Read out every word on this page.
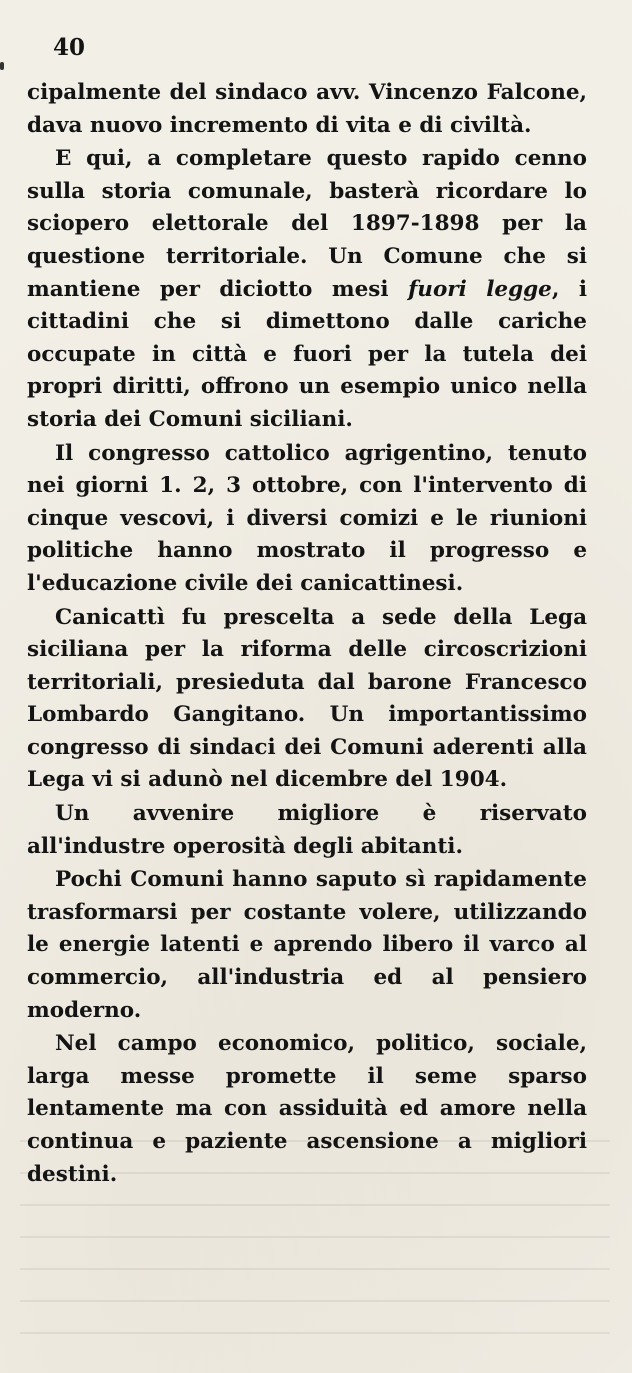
40

cipalmente del sindaco avv. Vincenzo Falcone, dava nuovo incremento di vita e di civiltà.

E qui, a completare questo rapido cenno sulla storia comunale, basterà ricordare lo sciopero elettorale del 1897-1898 per la questione territoriale. Un Comune che si mantiene per diciotto mesi fuori legge, i cittadini che si dimettono dalle cariche occupate in città e fuori per la tutela dei propri diritti, offrono un esempio unico nella storia dei Comuni siciliani.

Il congresso cattolico agrigentino, tenuto nei giorni 1. 2, 3 ottobre, con l'intervento di cinque vescovi, i diversi comizi e le riunioni politiche hanno mostrato il progresso e l'educazione civile dei canicattinesi.

Canicattì fu prescelta a sede della Lega siciliana per la riforma delle circoscrizioni territoriali, presieduta dal barone Francesco Lombardo Gangitano. Un importantissimo congresso di sindaci dei Comuni aderenti alla Lega vi si adunò nel dicembre del 1904.

Un avvenire migliore è riservato all'industre operosità degli abitanti.

Pochi Comuni hanno saputo sì rapidamente trasformarsi per costante volere, utilizzando le energie latenti e aprendo libero il varco al commercio, all'industria ed al pensiero moderno.

Nel campo economico, politico, sociale, larga messe promette il seme sparso lentamente ma con assiduità ed amore nella continua e paziente ascensione a migliori destini.
